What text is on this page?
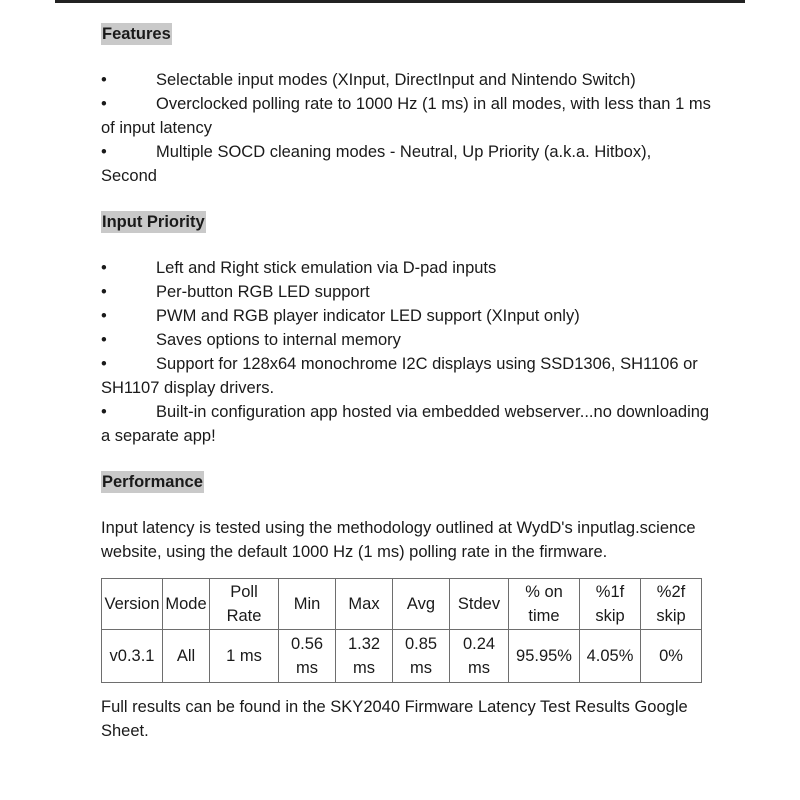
Features
•	Selectable input modes (XInput, DirectInput and Nintendo Switch)
•	Overclocked polling rate to 1000 Hz (1 ms) in all modes, with less than 1 ms of input latency
•	Multiple SOCD cleaning modes - Neutral, Up Priority (a.k.a. Hitbox), Second
Input Priority
•	Left and Right stick emulation via D-pad inputs
•	Per-button RGB LED support
•	PWM and RGB player indicator LED support (XInput only)
•	Saves options to internal memory
•	Support for 128x64 monochrome I2C displays using SSD1306, SH1106 or SH1107 display drivers.
•	Built-in configuration app hosted via embedded webserver...no downloading a separate app!
Performance

Input latency is tested using the methodology outlined at WydD's inputlag.science website, using the default 1000 Hz (1 ms) polling rate in the firmware.

Version	Mode	Poll Rate	Min	Max	Avg	Stdev	% on time	%1f skip	%2f skip
v0.3.1	All	1 ms	0.56 ms	1.32 ms	0.85 ms	0.24 ms	95.95%	4.05%	0%

Full results can be found in the SKY2040 Firmware Latency Test Results Google Sheet.
